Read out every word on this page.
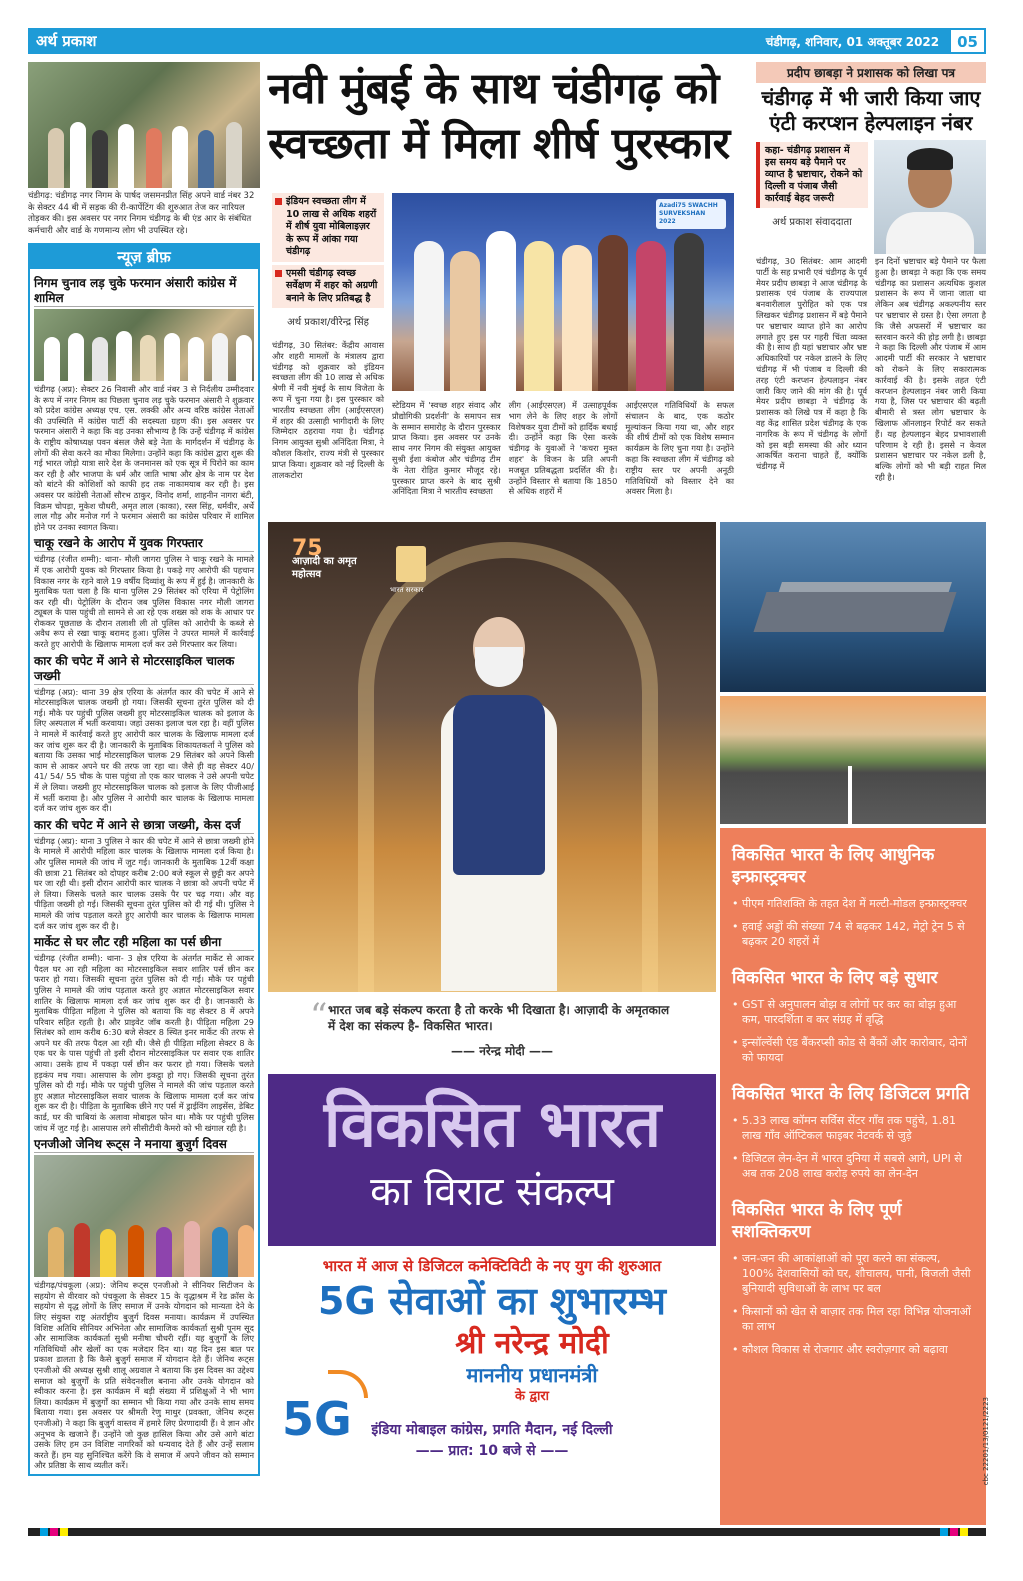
अर्थ प्रकाश	चंडीगढ़, शनिवार, 01 अक्तूबर 2022	05
चंडीगढ़: चंडीगढ़ नगर निगम के पार्षद जसमनप्रीत सिंह अपने वार्ड नंबर 32 के सेक्टर 44 बी में सड़क की री-कार्पेटिंग की शुरुआत तेज कर नारियल तोड़कर की। इस अवसर पर नगर निगम चंडीगढ़ के बी एंड आर के संबंधित कर्मचारी और वार्ड के गणमान्य लोग भी उपस्थित रहे।
न्यूज़ ब्रीफ़
निगम चुनाव लड़ चुके फरमान अंसारी कांग्रेस में शामिल
चंडीगढ़ (अप्र): सेक्टर 26 निवासी और वार्ड नंबर 3 से निर्दलीय उम्मीदवार के रूप में नगर निगम का पिछला चुनाव लड़ चुके फरमान अंसारी ने शुक्रवार को प्रदेश कांग्रेस अध्यक्ष एच. एस. लक्की और अन्य वरिष्ठ कांग्रेस नेताओं की उपस्थिति में कांग्रेस पार्टी की सदस्यता ग्रहण की। इस अवसर पर फरमान अंसारी ने कहा कि वह उनका सौभाग्य है कि उन्हें चंडीगढ़ में कांग्रेस के राष्ट्रीय कोषाध्यक्ष पवन बंसल जैसे बड़े नेता के मार्गदर्शन में चंडीगढ़ के लोगों की सेवा करने का मौका मिलेगा। उन्होंने कहा कि कांग्रेस द्वारा शुरू की गई भारत जोड़ो यात्रा सारे देश के जनमानस को एक सूत्र में पिरोने का काम कर रही है और भाजपा के धर्म और जाति भाषा और क्षेत्र के नाम पर देश को बांटने की कोशिशों को काफी हद तक नाकामयाब कर रही है। इस अवसर पर कांग्रेसी नेताओं सौरभ ठाकुर, विनोद शर्मा, शाहनीन नागरा बंटी, विक्रम चोपड़ा, मुकेश चौधरी, अमृत लाल (काका), रस्ल सिंह, धर्मवीर, अर्थे लाल गौड़ और मनोज गर्ग ने फरमान अंसारी का कांग्रेस परिवार में शामिल होने पर उनका स्वागत किया।
चाकू रखने के आरोप में युवक गिरफ्तार
चंडीगढ़ (रंजीत शम्मी): थाना- मौली जागरा पुलिस ने चाकू रखने के मामले में एक आरोपी युवक को गिरफ्तार किया है। पकड़े गए आरोपी की पहचान विकास नगर के रहने वाले 19 वर्षीय दिव्यांशु के रूप में हुई है। जानकारी के मुताबिक पता चला है कि थाना पुलिस 29 सितंबर को एरिया में पेट्रोलिंग कर रही थी। पेट्रोलिंग के दौरान जब पुलिस विकास नगर मौली जागरा ट्यूबल के पास पहुंची तो सामने से आ रहे एक शख्स को शक के आधार पर रोककर पूछताछ के दौरान तलाशी ली तो पुलिस को आरोपी के कब्जे से अवैध रूप से रखा चाकू बरामद हुआ। पुलिस ने उपरत मामले में कार्रवाई करते हुए आरोपी के खिलाफ मामला दर्ज कर उसे गिरफ्तार कर लिया।
कार की चपेट में आने से मोटरसाइकिल चालक जख्मी
चंडीगढ़ (अप्र): थाना 39 क्षेत्र एरिया के अंतर्गत कार की चपेट में आने से मोटरसाइकिल चालक जख्मी हो गया। जिसकी सूचना तुरंत पुलिस को दी गई। मौके पर पहुंची पुलिस जख्मी हुए मोटरसाइकिल चालक को इलाज के लिए अस्पताल में भर्ती करवाया। जहां उसका इलाज चल रहा है। वहीं पुलिस ने मामले में कार्रवाई करते हुए आरोपी कार चालक के खिलाफ मामला दर्ज कर जांच शुरू कर दी है। जानकारी के मुताबिक शिकायतकर्ता ने पुलिस को बताया कि उसका भाई मोटरसाइकिल चालक 29 सितंबर को अपने किसी काम से आकर अपने घर की तरफ जा रहा था। जैसे ही वह सेक्टर 40/ 41/ 54/ 55 चौक के पास पहुंचा तो एक कार चालक ने उसे अपनी चपेट में ले लिया। जख्मी हुए मोटरसाइकिल चालक को इलाज के लिए पीजीआई में भर्ती कराया है। और पुलिस ने आरोपी कार चालक के खिलाफ मामला दर्ज कर जांच शुरू कर दी।
कार की चपेट में आने से छात्रा जख्मी, केस दर्ज
चंडीगढ़ (अप्र): थाना 3 पुलिस ने कार की चपेट में आने से छात्रा जख्मी होने के मामले में आरोपी महिला कार चालक के खिलाफ मामला दर्ज किया है। और पुलिस मामले की जांच में जुट गई। जानकारी के मुताबिक 12वीं कक्षा की छात्रा 21 सितंबर को दोपहर करीब 2:00 बजे स्कूल से छुट्टी कर अपने घर जा रही थी। इसी दौरान आरोपी कार चालक ने छात्रा को अपनी चपेट में ले लिया। जिसके चलते कार चालक उसके पैर पर चढ़ गया। और वह पीड़िता जख्मी हो गई। जिसकी सूचना तुरंत पुलिस को दी गई थी। पुलिस ने मामले की जांच पड़ताल करते हुए आरोपी कार चालक के खिलाफ मामला दर्ज कर जांच शुरू कर दी है।
मार्केट से घर लौट रही महिला का पर्स छीना
चंडीगढ़ (रंजीत शम्मी): थाना- 3 क्षेत्र एरिया के अंतर्गत मार्केट से आकर पैदल घर आ रही महिला का मोटरसाइकिल सवार शातिर पर्स छीन कर फरार हो गया। जिसकी सूचना तुरंत पुलिस को दी गई। मौके पर पहुंची पुलिस ने मामले की जांच पड़ताल करते हुए अज्ञात मोटरसाइकिल सवार शातिर के खिलाफ मामला दर्ज कर जांच शुरू कर दी है। जानकारी के मुताबिक पीड़िता महिला ने पुलिस को बताया कि वह सेक्टर 8 में अपने परिवार सहित रहती है। और प्राइवेट जॉब करती है। पीड़िता महिला 29 सितंबर को शाम करीब 6:30 बजे सेक्टर 8 स्थित इनर मार्केट की तरफ से अपने घर की तरफ पैदल आ रही थी। जैसे ही पीड़िता महिला सेक्टर 8 के एक घर के पास पहुंची तो इसी दौरान मोटरसाइकिल पर सवार एक शातिर आया। उसके हाथ में पकड़ा पर्स छीन कर फरार हो गया। जिसके चलते हड़कंप मच गया। आसपास के लोग इकट्ठा हो गए। जिसकी सूचना तुरंत पुलिस को दी गई। मौके पर पहुंची पुलिस ने मामले की जांच पड़ताल करते हुए अज्ञात मोटरसाइकिल सवार चालक के खिलाफ मामला दर्ज कर जांच शुरू कर दी है। पीड़िता के मुताबिक छीने गए पर्स में ड्राईविंग लाइसेंस, डेबिट कार्ड, घर की चाबियां के अलावा मोबाइल फोन था। मौके पर पहुंची पुलिस जांच में जुट गई है। आसपास लगे सीसीटीवी कैमरो को भी खंगाल रही है।
एनजीओ जेनिथ रूट्स ने मनाया बुजुर्ग दिवस
चंडीगढ़/पंचकूला (अप्र): जेनिथ रूट्स एनजीओ ने सीनियर सिटीजन के सहयोग से वीरवार को पंचकूला के सेक्टर 15 के वृद्धाश्रम में रेड क्रॉस के सहयोग से वृद्ध लोगों के लिए समाज में उनके योगदान को मान्यता देने के लिए संयुक्त राष्ट्र अंतर्राष्ट्रीय बुजुर्ग दिवस मनाया। कार्यक्रम में उपस्थित विशिष्ट अतिथि सीनियर अभिनेता और सामाजिक कार्यकर्ता सुश्री पूनम सूद और सामाजिक कार्यकर्ता सुश्री मनीषा चौधरी रहीं। यह बुजुर्गों के लिए गतिविधियों और खेलों का एक मजेदार दिन था। यह दिन इस बात पर प्रकाश डालता है कि कैसे बुजुर्ग समाज में योगदान देते हैं। जेनिथ रूट्स एनजीओ की अध्यक्ष सुश्री शालू अग्रवाल ने बताया कि इस दिवस का उद्देश्य समाज को बुजुर्गों के प्रति संवेदनशील बनाना और उनके योगदान को स्वीकार करना है। इस कार्यक्रम में बड़ी संख्या में प्रशिक्षुओं ने भी भाग लिया। कार्यक्रम में बुजुर्गों का सम्मान भी किया गया और उनके साथ समय बिताया गया। इस अवसर पर श्रीमती रेणु माथुर (प्रवक्ता, जेनिथ रूट्स एनजीओ) ने कहा कि बुजुर्ग वास्तव में हमारे लिए प्रेरणादायी हैं। वे ज्ञान और अनुभव के खजाने हैं। उन्होंने जो कुछ हासिल किया और उसे आगे बांटा उसके लिए हम उन विशिष्ट नागरिकों को धन्यवाद देते हैं और उन्हें सलाम करते हैं। हम यह सुनिश्चित करेंगे कि वे समाज में अपने जीवन को सम्मान और प्रतिष्ठा के साथ व्यतीत करें।
नवी मुंबई के साथ चंडीगढ़ को स्वच्छता में मिला शीर्ष पुरस्कार
इंडियन स्वच्छता लीग में 10 लाख से अधिक शहरों में शीर्ष युवा मोबिलाइज़र के रूप में आंका गया चंडीगढ़
एमसी चंडीगढ़ स्वच्छ सर्वेक्षण में शहर को अग्रणी बनाने के लिए प्रतिबद्ध है
अर्थ प्रकाश/वीरेन्द्र सिंह
Azadi75 SWACHH SURVEKSHAN 2022
चंडीगढ़, 30 सितंबर: केंद्रीय आवास और शहरी मामलों के मंत्रालय द्वारा चंडीगढ़ को शुक्रवार को इंडियन स्वच्छता लीग की 10 लाख से अधिक श्रेणी में नवी मुंबई के साथ विजेता के रूप में चुना गया है। इस पुरस्कार को भारतीय स्वच्छता लीग (आईएसएल) में शहर की उत्साही भागीदारी के लिए जिम्मेदार ठहराया गया है। चंडीगढ़ निगम आयुक्त सुश्री अनिंदिता मित्रा, ने कौशल किशोर, राज्य मंत्री से पुरस्कार प्राप्त किया। शुक्रवार को नई दिल्ली के तालकटोरा
स्टेडियम में 'स्वच्छ शहर संवाद और प्रौद्योगिकी प्रदर्शनी' के समापन सत्र के सम्मान समारोह के दौरान पुरस्कार प्राप्त किया। इस अवसर पर उनके साथ नगर निगम की संयुक्त आयुक्त सुश्री ईशा कंबोज और चंडीगढ़ टीम के नेता रोहित कुमार मौजूद रहे। पुरस्कार प्राप्त करने के बाद सुश्री अनिंदिता मित्रा ने भारतीय स्वच्छता
लीग (आईएसएल) में उत्साहपूर्वक भाग लेने के लिए शहर के लोगों विशेषकर युवा टीमों को हार्दिक बधाई दी। उन्होंने कहा कि ऐसा करके चंडीगढ़ के युवाओं ने 'कचरा मुक्त शहर' के विजन के प्रति अपनी मजबूत प्रतिबद्धता प्रदर्शित की है। उन्होंने विस्तार से बताया कि 1850 से अधिक शहरों में
आईएसएल गतिविधियों के सफल संचालन के बाद, एक कठोर मूल्यांकन किया गया था, और शहर की शीर्ष टीमों को एक विशेष सम्मान कार्यक्रम के लिए चुना गया है। उन्होंने कहा कि स्वच्छता लीग में चंडीगढ़ को राष्ट्रीय स्तर पर अपनी अनूठी गतिविधियों को विस्तार देने का अवसर मिला है।
प्रदीप छाबड़ा ने प्रशासक को लिखा पत्र
चंडीगढ़ में भी जारी किया जाए एंटी करप्शन हेल्पलाइन नंबर
कहा- चंडीगढ़ प्रशासन में इस समय बड़े पैमाने पर व्याप्त है भ्रष्टाचार, रोकने को दिल्ली व पंजाब जैसी कार्रवाई बेहद जरूरी
अर्थ प्रकाश संवाददाता
चंडीगढ़, 30 सितंबर: आम आदमी पार्टी के सह प्रभारी एवं चंडीगढ़ के पूर्व मेयर प्रदीप छाबड़ा ने आज चंडीगढ़ के प्रशासक एवं पंजाब के राज्यपाल बनवारीलाल पुरोहित को एक पत्र लिखकर चंडीगढ़ प्रशासन में बड़े पैमाने पर भ्रष्टाचार व्याप्त होने का आरोप लगाते हुए इस पर गहरी चिंता व्यक्त की है। साथ ही यहां भ्रष्टाचार और भ्रष्ट अधिकारियों पर नकेल डालने के लिए चंडीगढ़ में भी पंजाब व दिल्ली की तरह एंटी करप्शन हेल्पलाइन नंबर जारी किए जाने की मांग की है। पूर्व मेयर प्रदीप छाबड़ा ने चंडीगढ़ के प्रशासक को लिखे पत्र में कहा है कि वह केंद्र शासित प्रदेश चंडीगढ़ के एक नागरिक के रूप में चंडीगढ़ के लोगों को इस बड़ी समस्या की ओर ध्यान आकर्षित कराना चाहते हैं, क्योंकि चंडीगढ़ में
इन दिनों भ्रष्टाचार बड़े पैमाने पर फैला हुआ है। छाबड़ा ने कहा कि एक समय चंडीगढ़ का प्रशासन अत्यधिक कुशल प्रशासन के रूप में जाना जाता था लेकिन अब चंडीगढ़ अकल्पनीय स्तर पर भ्रष्टाचार से ग्रस्त है। ऐसा लगता है कि जैसे अफसरों में भ्रष्टाचार का स्तरवान करने की होड़ लगी है। छाबड़ा ने कहा कि दिल्ली और पंजाब में आम आदमी पार्टी की सरकार ने भ्रष्टाचार को रोकने के लिए सकारात्मक कार्रवाई की है। इसके तहत एंटी करप्शन हेल्पलाइन नंबर जारी किया गया है, जिस पर भ्रष्टाचार की बढ़ती बीमारी से त्रस्त लोग भ्रष्टाचार के खिलाफ ऑनलाइन रिपोर्ट कर सकते हैं। यह हेल्पलाइन बेहद प्रभावशाली परिणाम दे रही है। इससे न केवल प्रशासन भ्रष्टाचार पर नकेल डली है, बल्कि लोगों को भी बड़ी राहत मिल रही है।
75
आज़ादी का अमृत महोत्सव
भारत सरकार
“ भारत जब बड़े संकल्प करता है तो करके भी दिखाता है। आज़ादी के अमृतकाल में देश का संकल्प है- विकसित भारत।
—— नरेन्द्र मोदी ——
विकसित भारत
का विराट संकल्प
भारत में आज से डिजिटल कनेक्टिविटी के नए युग की शुरुआत
5G सेवाओं का शुभारम्भ
श्री नरेन्द्र मोदी
माननीय प्रधानमंत्री
के द्वारा
5G	इंडिया मोबाइल कांग्रेस, प्रगति मैदान, नई दिल्ली
—— प्रात: 10 बजे से ——
विकसित भारत के लिए आधुनिक इन्फ्रास्ट्रक्चर
• पीएम गतिशक्ति के तहत देश में मल्टी-मोडल इन्फ्रास्ट्रक्चर
• हवाई अड्डों की संख्या 74 से बढ़कर 142, मेट्रो ट्रेन 5 से बढ़कर 20 शहरों में
विकसित भारत के लिए बड़े सुधार
• GST से अनुपालन बोझ व लोगों पर कर का बोझ हुआ कम, पारदर्शिता व कर संग्रह में वृद्धि
• इन्सॉल्वेंसी एंड बैंकरप्सी कोड से बैंकों और कारोबार, दोनों को फायदा
विकसित भारत के लिए डिजिटल प्रगति
• 5.33 लाख कॉमन सर्विस सेंटर गाँव तक पहुंचे, 1.81 लाख गाँव ऑप्टिकल फाइबर नेटवर्क से जुड़े
• डिजिटल लेन-देन में भारत दुनिया में सबसे आगे, UPI से अब तक 208 लाख करोड़ रुपये का लेन-देन
विकसित भारत के लिए पूर्ण सशक्तिकरण
• जन-जन की आकांक्षाओं को पूरा करने का संकल्प, 100% देशवासियों को घर, शौचालय, पानी, बिजली जैसी बुनियादी सुविधाओं के लाभ पर बल
• किसानों को खेत से बाज़ार तक मिल रहा विभिन्न योजनाओं का लाभ
• कौशल विकास से रोजगार और स्वरोज़गार को बढ़ावा
cbc 22201/13/0121/2223
